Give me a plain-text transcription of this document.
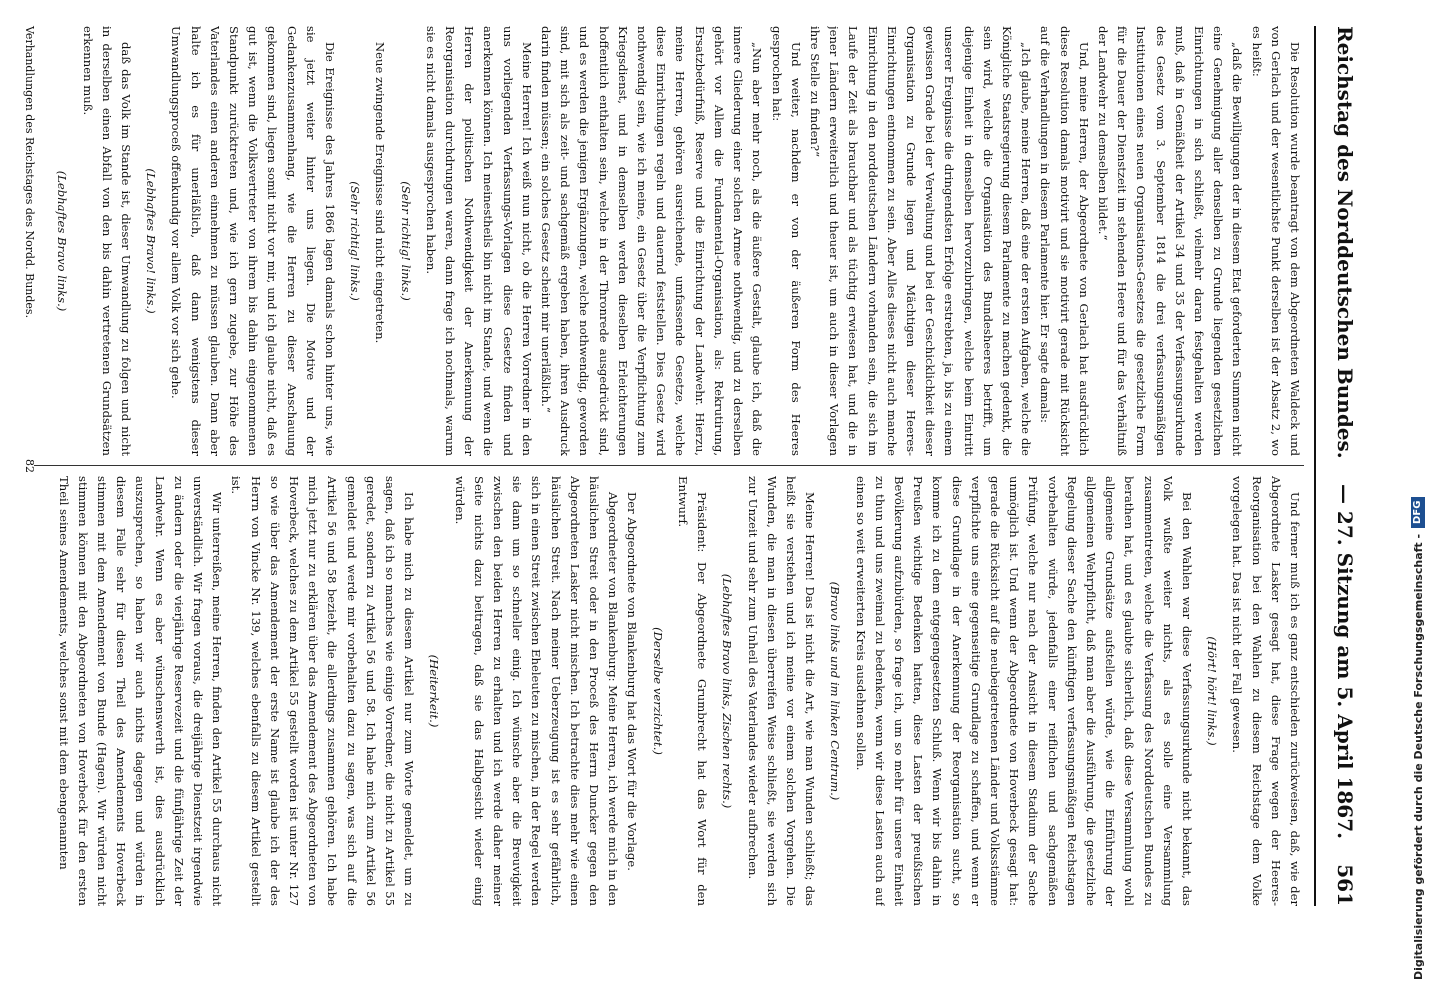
Reichstag des Norddeutschen Bundes.
— 27. Sitzung am 5. April 1867.
561

Die Resolution wurde beantragt von dem Abgeordneten Waldeck und von Gerlach und der wesentlichste Punkt derselben ist der Absatz 2, wo es heißt:

„daß die Bewilligungen der in diesem Etat geforderten Summen nicht eine Genehmigung aller denselben zu Grunde liegenden gesetzlichen Einrichtungen in sich schließt, vielmehr daran festgehalten werden muß, daß in Gemäßheit der Artikel 34 und 35 der Verfassungsurkunde des Gesetz vom 3. September 1814 die drei verfassungsmäßigen Institutionen eines neuen Organisations-Gesetzes die gesetzliche Form für die Dauer der Dienstzeit im stehenden Heere und für das Verhältniß der Landwehr zu demselben bildet.“

Und, meine Herren, der Abgeordnete von Gerlach hat ausdrücklich diese Resolution damals motivirt und sie motivirt gerade mit Rücksicht auf die Verhandlungen in diesem Parlamente hier. Er sagte damals:

„Ich glaube, meine Herren, daß eine der ersten Aufgaben, welche die Königliche Staatsregierung diesem Parlamente zu machen gedenkt, die sein wird, welche die Organisation des Bundesheeres betrifft, um diejenige Einheit in demselben hervorzubringen, welche beim Eintritt unserer Ereignisse die dringendsten Erfolge erstrebten, ja, bis zu einem gewissen Grade bei der Verwaltung und bei der Geschicklichkeit dieser Organisation zu Grunde liegen und Mächtigen dieser Heeres-Einrichtungen entnommen zu sein. Aber Alles dieses nicht auch manche Einrichtung in den norddeutschen Ländern vorhanden sein, die sich im Laufe der Zeit als brauchbar und als tüchtig erwiesen hat, und die in jener Ländern erweiterlich und theuer ist, um auch in dieser Vorlagen ihre Stelle zu finden?“

Und weiter, nachdem er von der äußeren Form des Heeres gesprochen hat:

„Nun aber mehr noch, als die äußere Gestalt, glaube ich, daß die innere Gliederung einer solchen Armee nothwendig, und zu derselben gehört vor Allem die Fundamental-Organisation, als: Rekrutirung, Ersatzbedürfniß, Reserve und die Einrichtung der Landwehr. Hierzu, meine Herren, gehören ausreichende, umfassende Gesetze, welche diese Einrichtungen regeln und dauernd feststellen. Dies Gesetz wird nothwendig sein, wie ich meine, ein Gesetz über die Verpflichtung zum Kriegsdienst, und in demselben werden dieselben Erleichterungen hoffentlich enthalten sein, welche in der Thronrede ausgedrückt sind, und es werden die jenigen Ergänzungen, welche nothwendig, geworden sind, mit sich als zeit- und sachgemäß ergeben haben, ihren Ausdruck darin finden müssen; ein solches Gesetz scheint mir unerläßlich.“

Meine Herren! Ich weiß nun nicht, ob die Herren Vorredner in den uns vorliegenden Verfassungs-Vorlagen diese Gesetze finden und anerkennen können. Ich meinestheils bin nicht im Stande, und wenn die Herren der politischen Nothwendigkeit der Anerkennung der Reorganisation durchdrungen waren, dann frage ich nochmals, warum sie es nicht damals ausgesprochen haben.

(Sehr richtig! links.)

Neue zwingende Ereignisse sind nicht eingetreten.

(Sehr richtig! links.)

Die Ereignisse des Jahres 1866 lagen damals schon hinter uns, wie sie jetzt weiter hinter uns liegen. Die Motive und der Gedankenzusammenhang, wie die Herren zu dieser Anschauung gekommen sind, liegen somit nicht vor mir, und ich glaube nicht, daß es gut ist, wenn die Volksvertreter von ihrem bis dahin eingenommenen Standpunkt zurücktreten und, wie ich gern zugebe, zur Höhe des Vaterlandes einen anderen einnehmen zu müssen glauben. Dann aber halte ich es für unerläßlich, daß dann wenigstens dieser Umwandlungsproceß offenkundig vor allem Volk vor sich gehe.

(Lebhaftes Bravo! links.)

daß das Volk im Stande ist, dieser Umwandlung zu folgen und nicht in derselben einen Abfall von den bis dahin vertretenen Grundsätzen erkennen muß.

(Lebhaftes Bravo links.)

Und ferner muß ich es ganz entschieden zurückweisen, daß, wie der Abgeordnete Lasker gesagt hat, diese Frage wegen der Heeres-Reorganisation bei den Wahlen zu diesem Reichstage dem Volke vorgelegen hat. Das ist nicht der Fall gewesen.

(Hört! hört! links.)

Bei den Wahlen war diese Verfassungsurkunde nicht bekannt, das Volk wußte weiter nichts, als es solle eine Versammlung zusammentreten, welche die Verfassung des Norddeutschen Bundes zu berathen hat, und es glaubte sicherlich, daß diese Versammlung wohl allgemeine Grundsätze aufstellen würde, wie die Einführung der allgemeinen Wehrpflicht, daß man aber die Ausführung, die gesetzliche Regelung dieser Sache den künftigen verfassungsmäßigen Reichstagen vorbehalten würde, jedenfalls einer reiflichen und sachgemäßen Prüfung, welche nur nach der Ansicht in diesem Stadium der Sache unmöglich ist. Und wenn der Abgeordnete von Hoverbeck gesagt hat: gerade die Rücksicht auf die neubeigetretenen Länder und Volksstämme verpflichte uns eine gegenseitige Grundlage zu schaffen, und wenn er diese Grundlage in der Anerkennung der Reorganisation sucht, so komme ich zu dem entgegengesetzten Schluß. Wenn wir bis dahin in Preußen wichtige Bedenken hatten, diese Lasten der preußischen Bevölkerung aufzubürden, so frage ich, um so mehr für unsere Einheit zu thun und uns zweimal zu bedenken, wenn wir diese Lasten auch auf einen so weit erweiterten Kreis ausdehnen sollen.

(Bravo links und im linken Centrum.)

Meine Herren! Das ist nicht die Art, wie man Wunden schließt; das heißt sie verstehen und ich meine vor einem solchen Vorgehen. Die Wunden, die man in diesen überreifen Weise schließt, sie werden sich zur Unzeit und sehr zum Unheil des Vaterlandes wieder aufbrechen.

(Lebhaftes Bravo links, Zischen rechts.)

Präsident: Der Abgeordnete Grumbrecht hat das Wort für den Entwurf.

(Derselbe verzichtet.)

Der Abgeordnete von Blankenburg hat das Wort für die Vorlage.

Abgeordneter von Blankenburg: Meine Herren, ich werde mich in den häuslichen Streit oder in den Proceß des Herrn Duncker gegen den Abgeordneten Lasker nicht mischen. Ich betrachte dies mehr wie einen häuslichen Streit. Nach meiner Ueberzeugung ist es sehr gefährlich, sich in einen Streit zwischen Eheleuten zu mischen, in der Regel werden sie dann um so schneller einig. Ich wünsche aber die Breuvigkeit zwischen den beiden Herren zu erhalten und ich werde daher meiner Seite nichts dazu beitragen, daß sie das Halbgesicht wieder einig würden.

(Heiterkeit.)

Ich habe mich zu diesem Artikel nur zum Worte gemeldet, um zu sagen, daß ich so manches wie einige Vorredner, die nicht zu Artikel 55 geredet, sondern zu Artikel 56 und 58. Ich habe mich zum Artikel 56 gemeldet und werde mir vorbehalten dazu zu sagen, was sich auf die Artikel 56 und 58 bezieht, die allerdings zusammen gehören. Ich habe mich jetzt nur zu erklären über das Amendement des Abgeordneten von Hoverbeck, welches zu dem Artikel 55 gestellt worden ist unter Nr. 127 so wie über das Amendement der erste Name ist glaube ich der des Herrn von Vincke Nr. 139, welches ebenfalls zu diesem Artikel gestellt ist.

Wir unterreißen, meine Herren, finden den Artikel 55 durchaus nicht unverständlich. Wir fragen voraus, die dreijährige Dienstzeit irgendwie zu ändern oder die vierjährige Reservezeit und die fünfjährige Zeit der Landwehr. Wenn es aber wünschenswerth ist, dies ausdrücklich auszusprechen, so haben wir auch nichts dagegen und würden in diesem Falle sehr für diesen Theil des Amendements Hoverbeck stimmen mit dem Amendement von Bunde (Hagen). Wir würden nicht stimmen können mit den Abgeordneten von Hoverbeck für den ersten Theil seines Amendements, welches sonst mit dem ebengenannten

Verhandlungen des Reichstages des Nordd. Bundes.
82
Digitalisierung gefördert durch die Deutsche Forschungsgemeinschaft -
DFG
